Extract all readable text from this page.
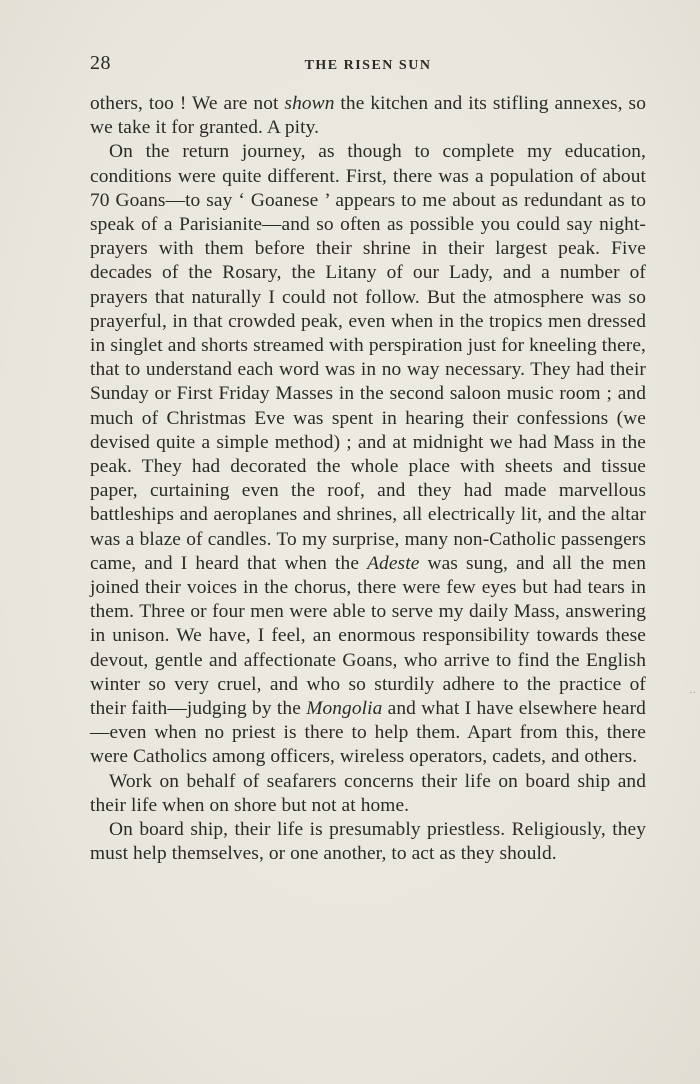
28	THE RISEN SUN

others, too ! We are not shown the kitchen and its stifling annexes, so we take it for granted. A pity.

On the return journey, as though to complete my education, conditions were quite different. First, there was a population of about 70 Goans—to say ‘ Goanese ’ appears to me about as redundant as to speak of a Parisianite—and so often as possible you could say night-prayers with them before their shrine in their largest peak. Five decades of the Rosary, the Litany of our Lady, and a number of prayers that naturally I could not follow. But the atmosphere was so prayerful, in that crowded peak, even when in the tropics men dressed in singlet and shorts streamed with perspiration just for kneeling there, that to understand each word was in no way necessary. They had their Sunday or First Friday Masses in the second saloon music room ; and much of Christmas Eve was spent in hearing their confessions (we devised quite a simple method) ; and at midnight we had Mass in the peak. They had decorated the whole place with sheets and tissue paper, curtaining even the roof, and they had made marvellous battleships and aeroplanes and shrines, all electrically lit, and the altar was a blaze of candles. To my surprise, many non-Catholic passengers came, and I heard that when the Adeste was sung, and all the men joined their voices in the chorus, there were few eyes but had tears in them. Three or four men were able to serve my daily Mass, answering in unison. We have, I feel, an enormous responsibility towards these devout, gentle and affectionate Goans, who arrive to find the English winter so very cruel, and who so sturdily adhere to the practice of their faith—judging by the Mongolia and what I have elsewhere heard—even when no priest is there to help them. Apart from this, there were Catholics among officers, wireless operators, cadets, and others.

Work on behalf of seafarers concerns their life on board ship and their life when on shore but not at home.

On board ship, their life is presumably priestless. Religiously, they must help themselves, or one another, to act as they should.

··
